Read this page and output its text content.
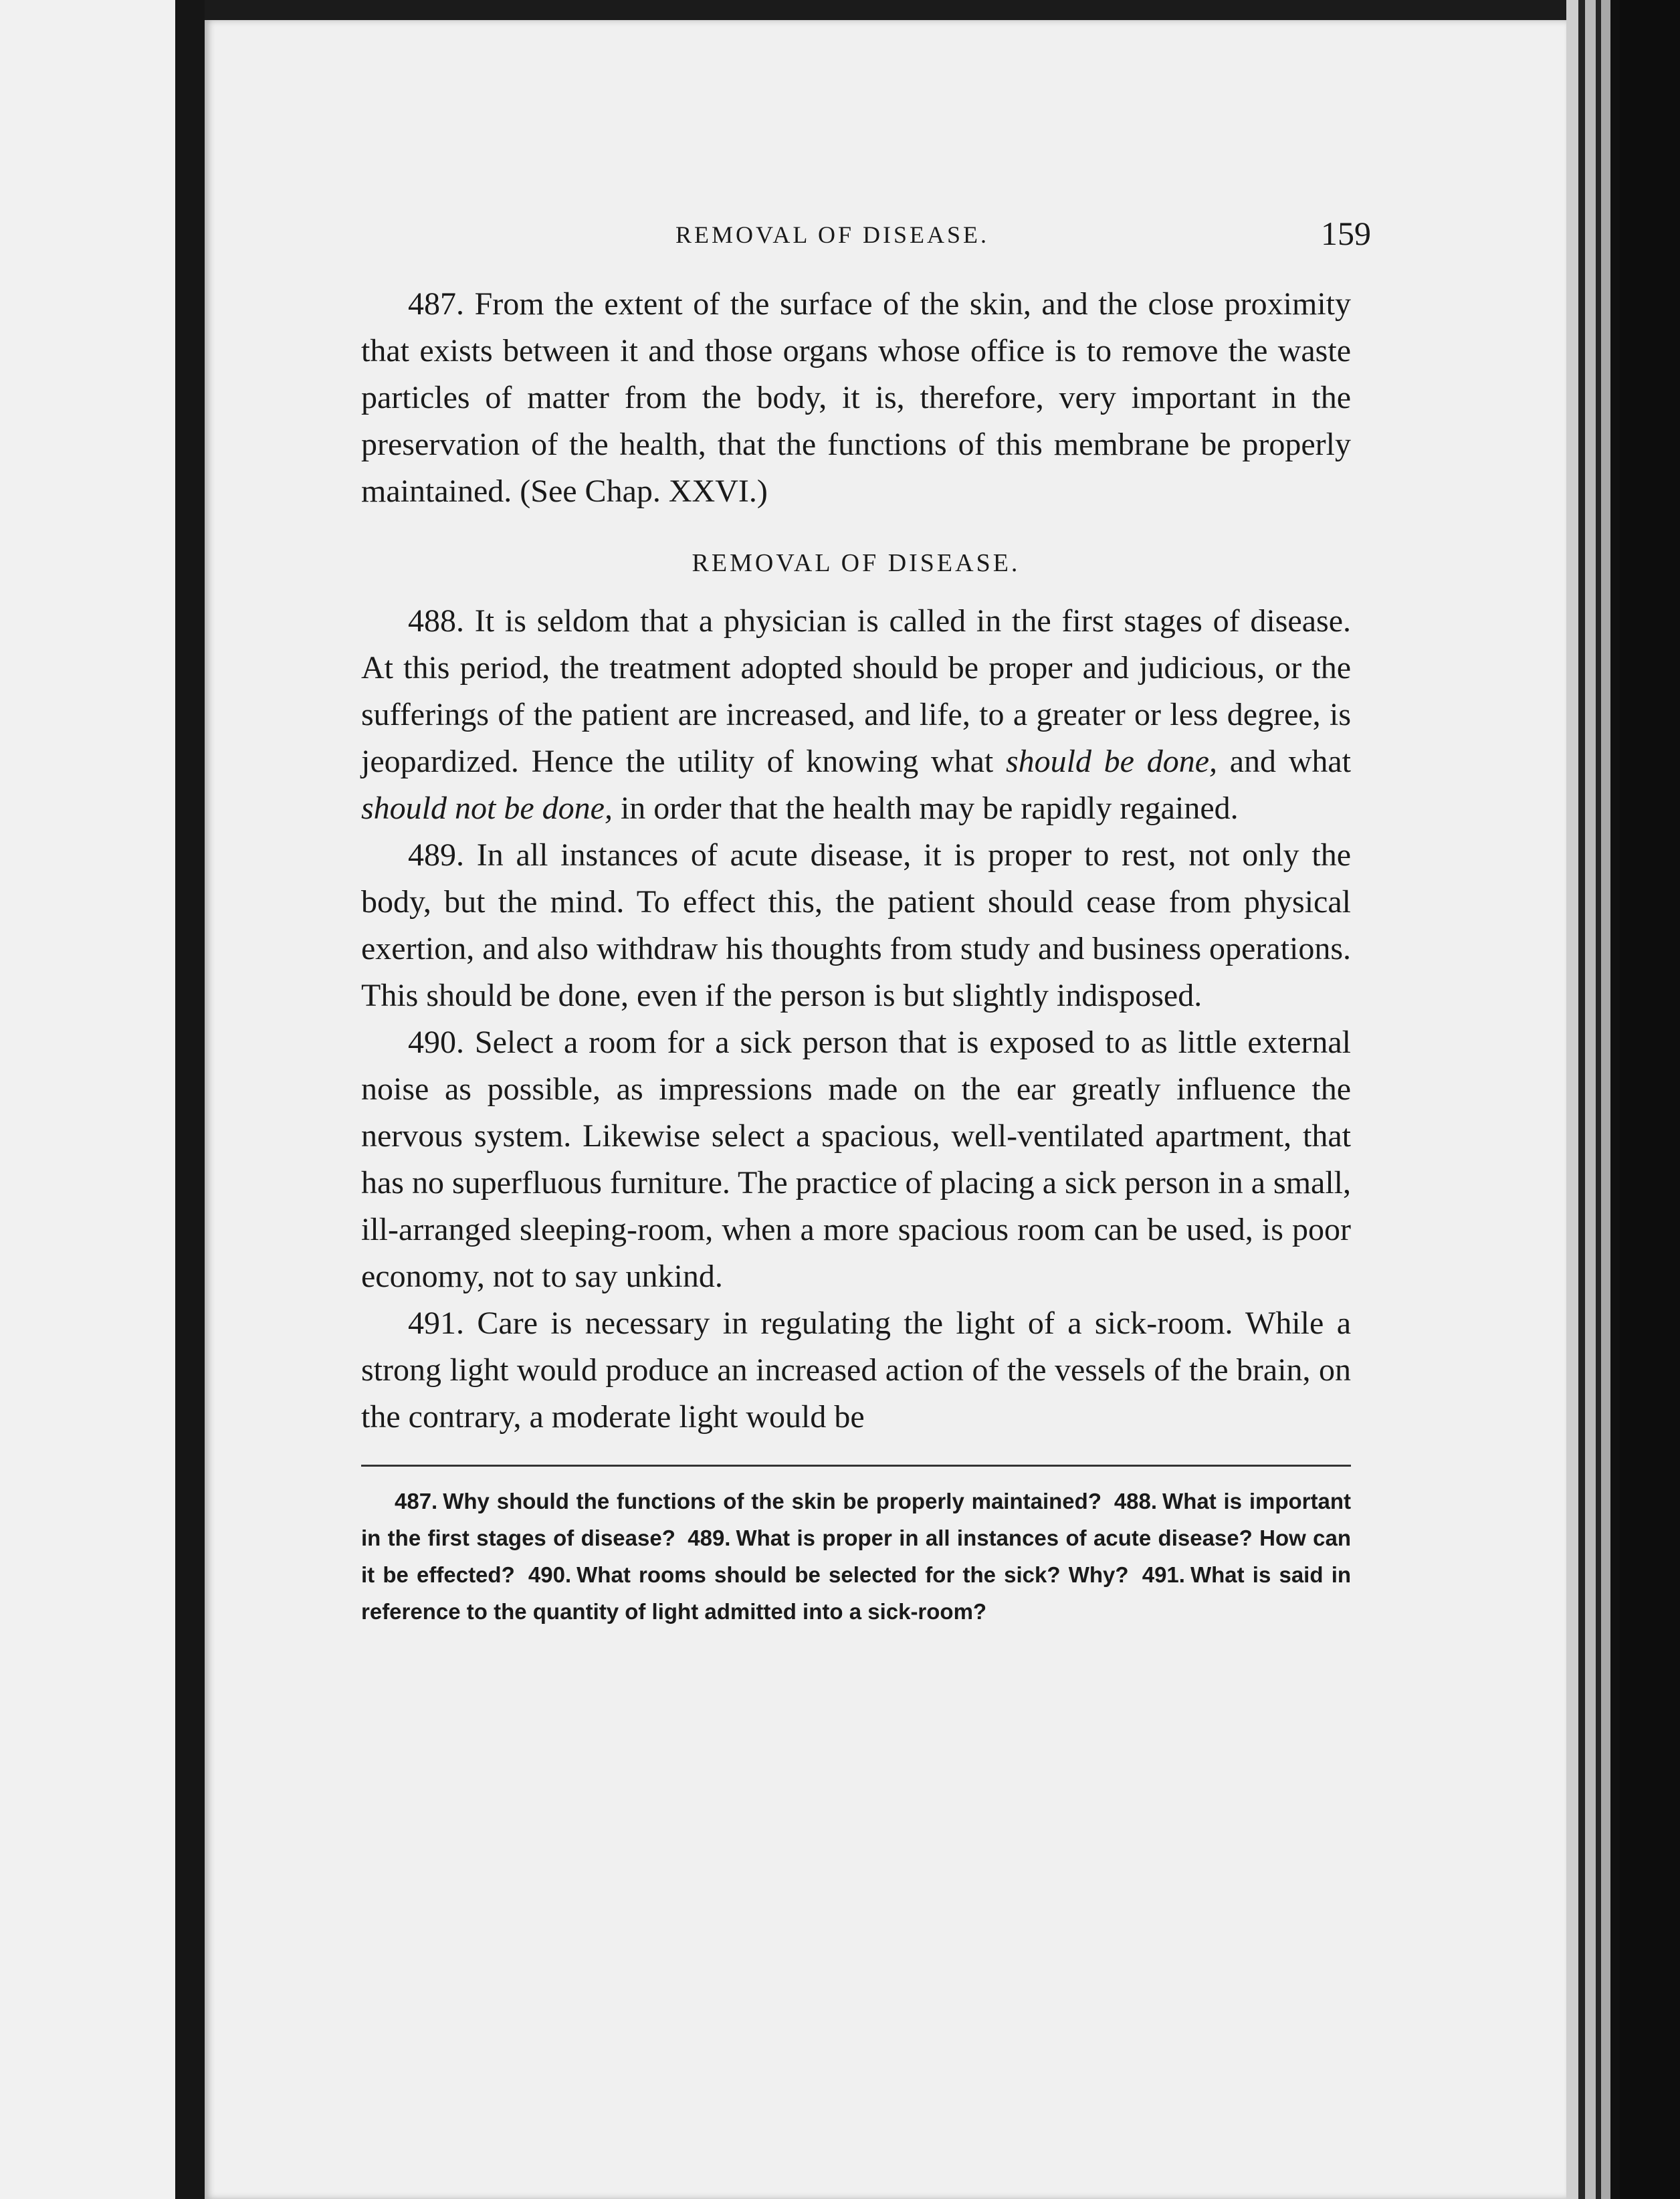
REMOVAL OF DISEASE.	159

487. From the extent of the surface of the skin, and the close proximity that exists between it and those organs whose office is to remove the waste particles of matter from the body, it is, therefore, very important in the preservation of the health, that the functions of this membrane be properly maintained. (See Chap. XXVI.)

REMOVAL OF DISEASE.

488. It is seldom that a physician is called in the first stages of disease. At this period, the treatment adopted should be proper and judicious, or the sufferings of the patient are increased, and life, to a greater or less degree, is jeopardized. Hence the utility of knowing what should be done, and what should not be done, in order that the health may be rapidly regained.

489. In all instances of acute disease, it is proper to rest, not only the body, but the mind. To effect this, the patient should cease from physical exertion, and also withdraw his thoughts from study and business operations. This should be done, even if the person is but slightly indisposed.

490. Select a room for a sick person that is exposed to as little external noise as possible, as impressions made on the ear greatly influence the nervous system. Likewise select a spacious, well-ventilated apartment, that has no superfluous furniture. The practice of placing a sick person in a small, ill-arranged sleeping-room, when a more spacious room can be used, is poor economy, not to say unkind.

491. Care is necessary in regulating the light of a sick-room. While a strong light would produce an increased action of the vessels of the brain, on the contrary, a moderate light would be

487. Why should the functions of the skin be properly maintained? 488. What is important in the first stages of disease? 489. What is proper in all instances of acute disease? How can it be effected? 490. What rooms should be selected for the sick? Why? 491. What is said in reference to the quantity of light admitted into a sick-room?
